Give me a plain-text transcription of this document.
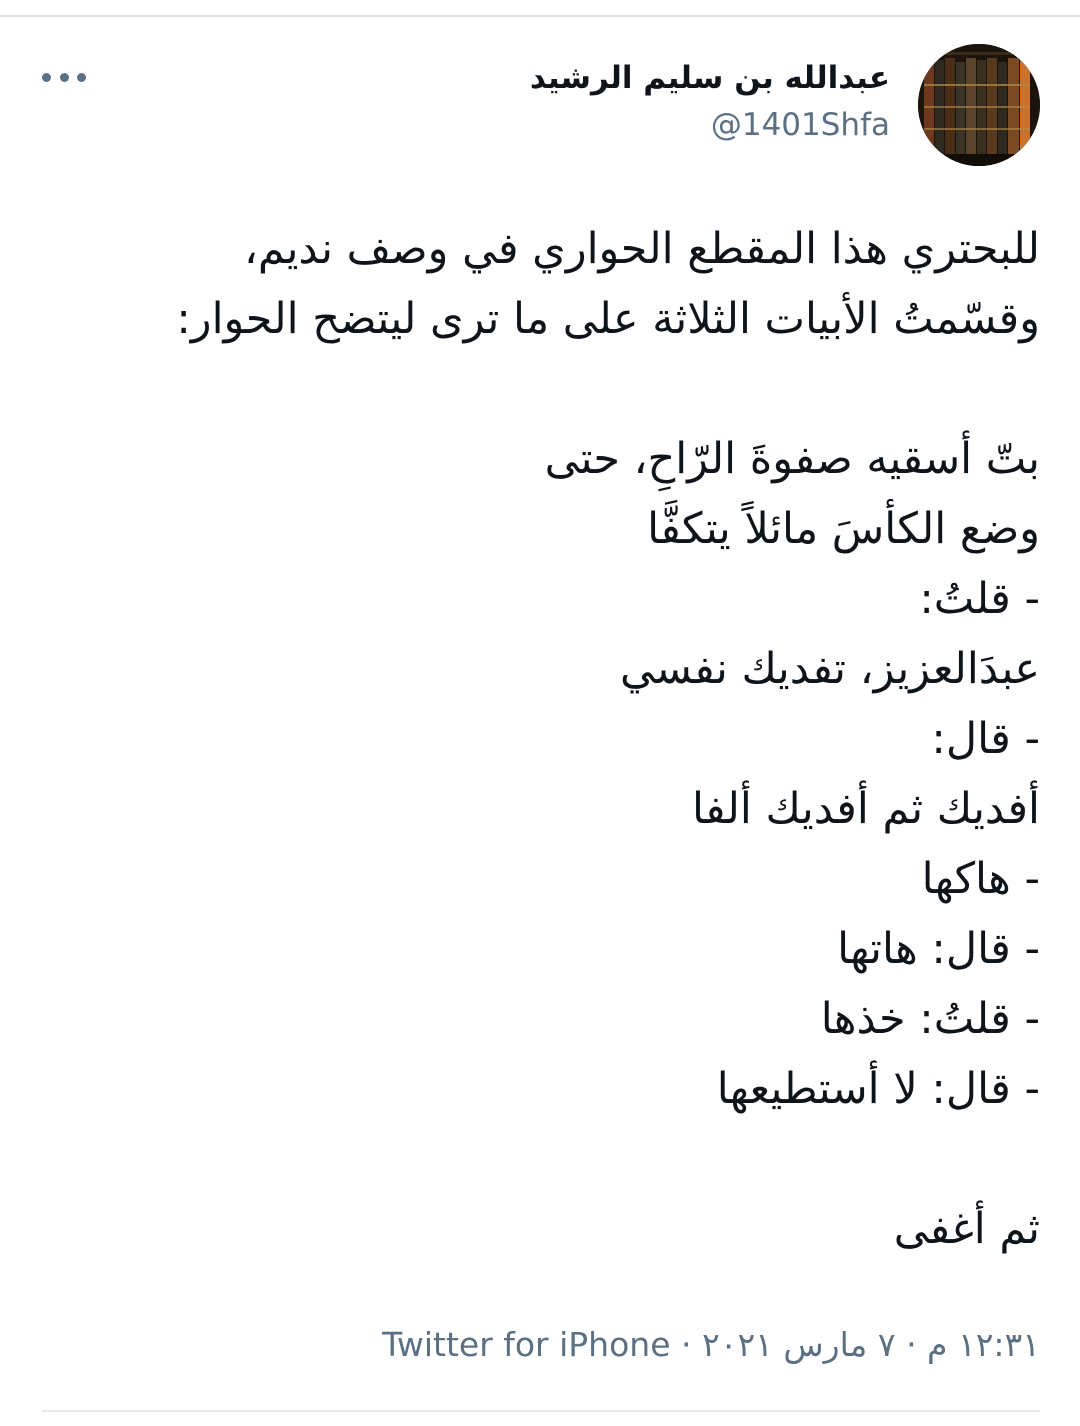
عبدالله بن سليم الرشيد
@1401Shfa
للبحتري هذا المقطع الحواري في وصف نديم،
وقسّمتُ الأبيات الثلاثة على ما ترى ليتضح الحوار:
بتّ أسقيه صفوةَ الرّاحِ، حتى
وضع الكأسَ مائلاً يتكفَّا
- قلتُ:
عبدَالعزيز، تفديك نفسي
- قال:
أفديك ثم أفديك ألفا
- هاكها
- قال: هاتها
- قلتُ: خذها
- قال: لا أستطيعها
ثم أغفى
١٢:٣١ م · ٧ مارس ٢٠٢١ · Twitter for iPhone
